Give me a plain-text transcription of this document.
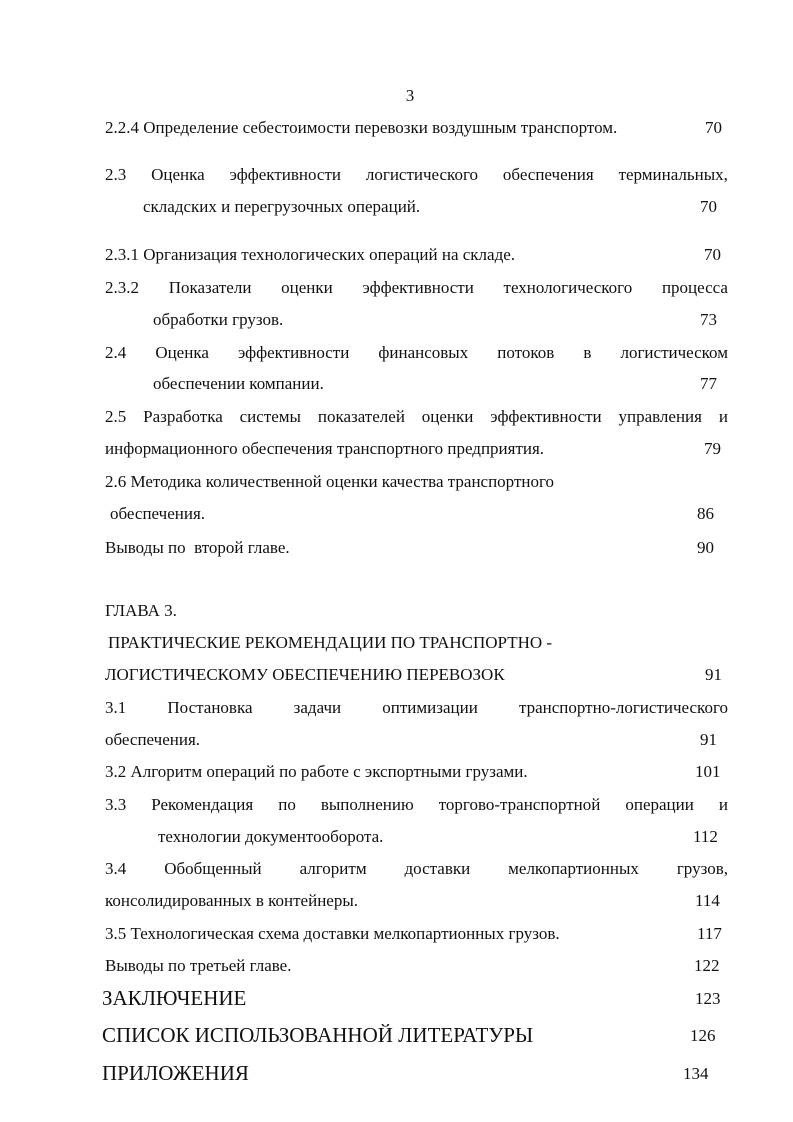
3
2.2.4 Определение себестоимости перевозки воздушным транспортом.	70
2.3 Оценка эффективности логистического обеспечения терминальных,
складских и перегрузочных операций.	70
2.3.1 Организация технологических операций на складе.	70
2.3.2 Показатели оценки эффективности технологического процесса
обработки грузов.	73
2.4 Оценка эффективности финансовых потоков в логистическом
обеспечении компании.	77
2.5 Разработка системы показателей оценки эффективности управления и
информационного обеспечения транспортного предприятия.	79
2.6 Методика количественной оценки качества транспортного
обеспечения.	86
Выводы по  второй главе.	90
ГЛАВА 3.
ПРАКТИЧЕСКИЕ РЕКОМЕНДАЦИИ ПО ТРАНСПОРТНО -
ЛОГИСТИЧЕСКОМУ ОБЕСПЕЧЕНИЮ ПЕРЕВОЗОК	91
3.1 Постановка задачи оптимизации транспортно-логистического
обеспечения.	91
3.2 Алгоритм операций по работе с экспортными грузами.	101
3.3 Рекомендация по выполнению торгово-транспортной операции и
технологии документооборота.	112
3.4 Обобщенный алгоритм доставки мелкопартионных грузов,
консолидированных в контейнеры.	114
3.5 Технологическая схема доставки мелкопартионных грузов.	117
Выводы по третьей главе.	122
ЗАКЛЮЧЕНИЕ	123
СПИСОК ИСПОЛЬЗОВАННОЙ ЛИТЕРАТУРЫ	126
ПРИЛОЖЕНИЯ	134
